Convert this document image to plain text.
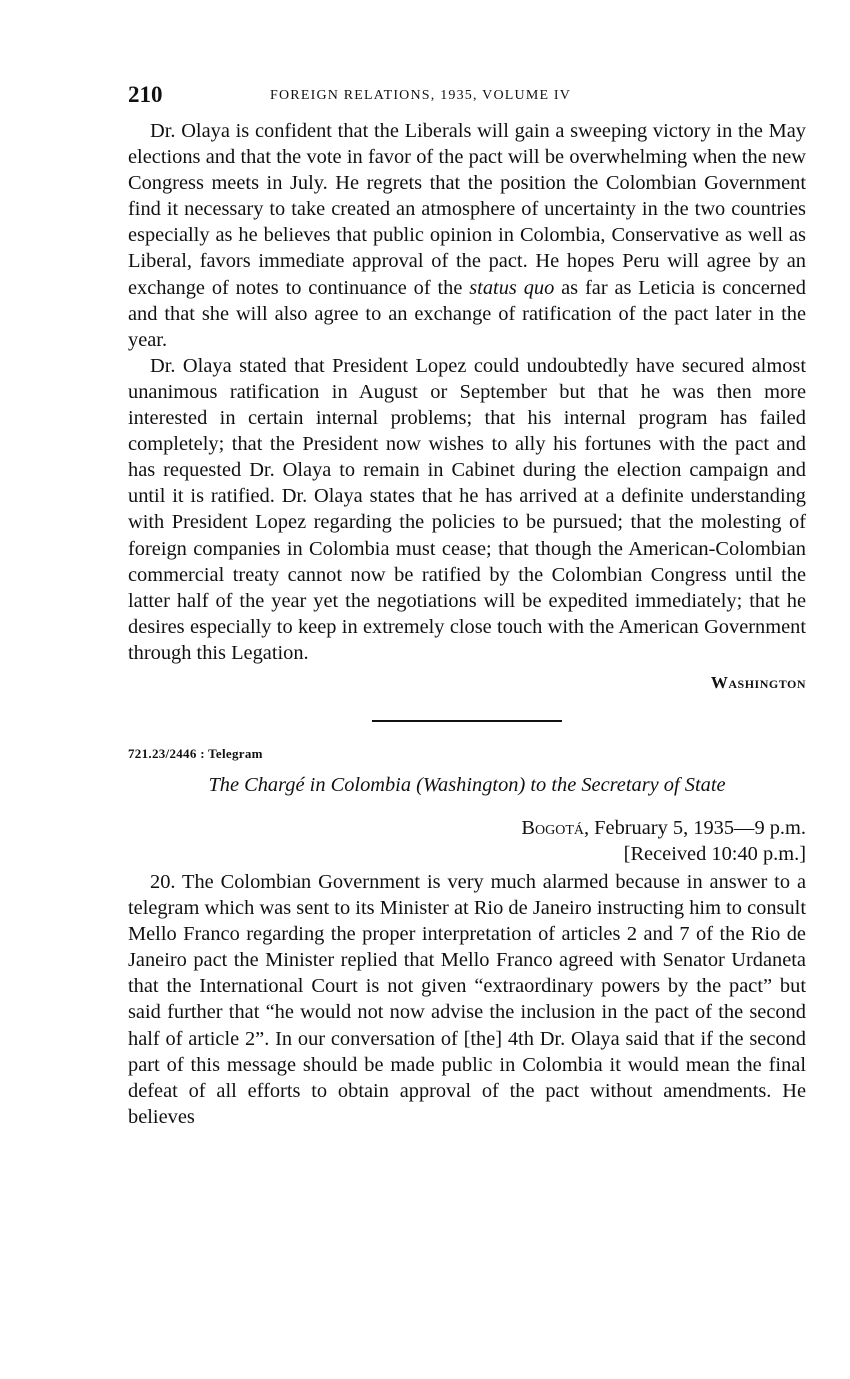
210	FOREIGN RELATIONS, 1935, VOLUME IV

Dr. Olaya is confident that the Liberals will gain a sweeping victory in the May elections and that the vote in favor of the pact will be overwhelming when the new Congress meets in July. He regrets that the position the Colombian Government find it necessary to take created an atmosphere of uncertainty in the two countries especially as he believes that public opinion in Colombia, Conservative as well as Liberal, favors immediate approval of the pact. He hopes Peru will agree by an exchange of notes to continuance of the status quo as far as Leticia is concerned and that she will also agree to an exchange of ratification of the pact later in the year.

Dr. Olaya stated that President Lopez could undoubtedly have secured almost unanimous ratification in August or September but that he was then more interested in certain internal problems; that his internal program has failed completely; that the President now wishes to ally his fortunes with the pact and has requested Dr. Olaya to remain in Cabinet during the election campaign and until it is ratified. Dr. Olaya states that he has arrived at a definite understanding with President Lopez regarding the policies to be pursued; that the molesting of foreign companies in Colombia must cease; that though the American-Colombian commercial treaty cannot now be ratified by the Colombian Congress until the latter half of the year yet the negotiations will be expedited immediately; that he desires especially to keep in extremely close touch with the American Government through this Legation.

Washington
721.23/2446 : Telegram
The Chargé in Colombia (Washington) to the Secretary of State
Bogotá, February 5, 1935—9 p.m.
[Received 10:40 p.m.]

20. The Colombian Government is very much alarmed because in answer to a telegram which was sent to its Minister at Rio de Janeiro instructing him to consult Mello Franco regarding the proper interpretation of articles 2 and 7 of the Rio de Janeiro pact the Minister replied that Mello Franco agreed with Senator Urdaneta that the International Court is not given “extraordinary powers by the pact” but said further that “he would not now advise the inclusion in the pact of the second half of article 2”. In our conversation of [the] 4th Dr. Olaya said that if the second part of this message should be made public in Colombia it would mean the final defeat of all efforts to obtain approval of the pact without amendments. He believes
